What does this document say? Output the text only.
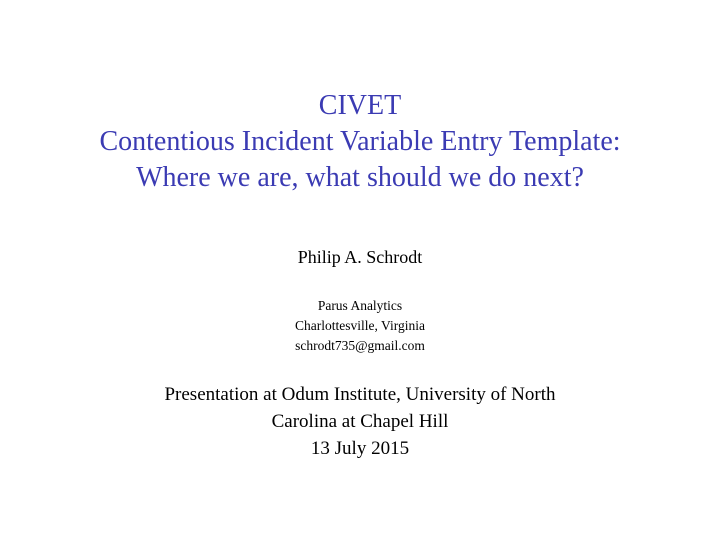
CIVET
Contentious Incident Variable Entry Template:
Where we are, what should we do next?
Philip A. Schrodt
Parus Analytics
Charlottesville, Virginia
schrodt735@gmail.com
Presentation at Odum Institute, University of North
Carolina at Chapel Hill
13 July 2015
